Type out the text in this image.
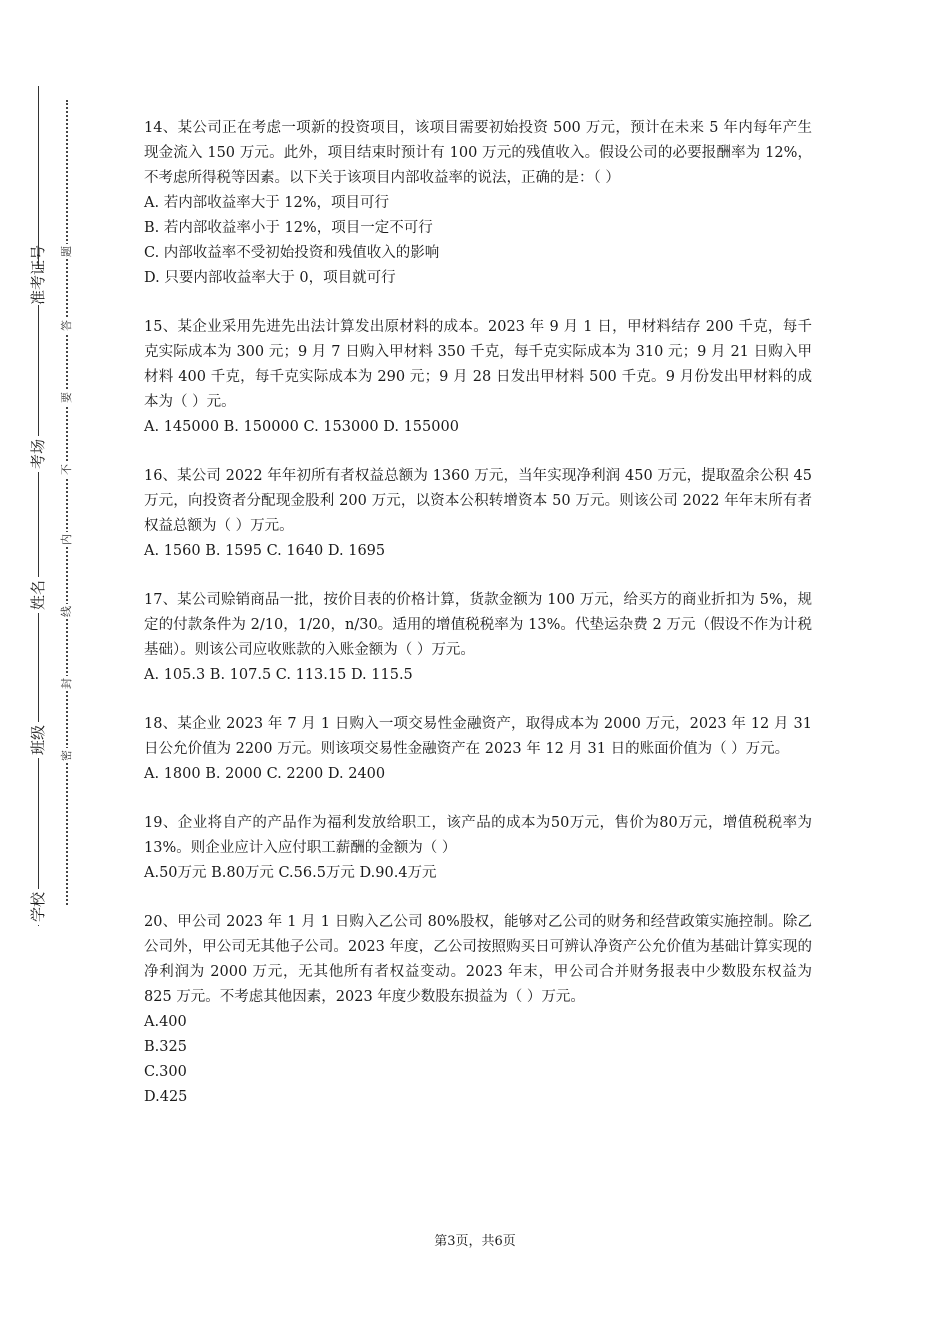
学校
班级
姓名
考场
准考证号 题
答
要
不
内
线
封
密

14、某公司正在考虑一项新的投资项目，该项目需要初始投资 500 万元，预计在未来 5 年内每年产生现金流入 150 万元。此外，项目结束时预计有 100 万元的残值收入。假设公司的必要报酬率为 12%，不考虑所得税等因素。以下关于该项目内部收益率的说法，正确的是：（ ）

A. 若内部收益率大于 12%，项目可行

B. 若内部收益率小于 12%，项目一定不可行

C. 内部收益率不受初始投资和残值收入的影响

D. 只要内部收益率大于 0，项目就可行

15、某企业采用先进先出法计算发出原材料的成本。2023 年 9 月 1 日，甲材料结存 200 千克，每千克实际成本为 300 元；9 月 7 日购入甲材料 350 千克，每千克实际成本为 310 元；9 月 21 日购入甲材料 400 千克，每千克实际成本为 290 元；9 月 28 日发出甲材料 500 千克。9 月份发出甲材料的成本为（ ）元。

A. 145000 B. 150000 C. 153000 D. 155000

16、某公司 2022 年年初所有者权益总额为 1360 万元，当年实现净利润 450 万元，提取盈余公积 45 万元，向投资者分配现金股利 200 万元，以资本公积转增资本 50 万元。则该公司 2022 年年末所有者权益总额为（ ）万元。

A. 1560 B. 1595 C. 1640 D. 1695

17、某公司赊销商品一批，按价目表的价格计算，货款金额为 100 万元，给买方的商业折扣为 5%，规定的付款条件为 2/10，1/20，n/30。适用的增值税税率为 13%。代垫运杂费 2 万元（假设不作为计税基础）。则该公司应收账款的入账金额为（ ）万元。

A. 105.3 B. 107.5 C. 113.15 D. 115.5

18、某企业 2023 年 7 月 1 日购入一项交易性金融资产，取得成本为 2000 万元，2023 年 12 月 31 日公允价值为 2200 万元。则该项交易性金融资产在 2023 年 12 月 31 日的账面价值为（ ）万元。

A. 1800 B. 2000 C. 2200 D. 2400

19、企业将自产的产品作为福利发放给职工，该产品的成本为50万元，售价为80万元，增值税税率为13%。则企业应计入应付职工薪酬的金额为（ ）

A.50万元 B.80万元 C.56.5万元 D.90.4万元

20、甲公司 2023 年 1 月 1 日购入乙公司 80%股权，能够对乙公司的财务和经营政策实施控制。除乙公司外，甲公司无其他子公司。2023 年度，乙公司按照购买日可辨认净资产公允价值为基础计算实现的净利润为 2000 万元，无其他所有者权益变动。2023 年末，甲公司合并财务报表中少数股东权益为 825 万元。不考虑其他因素，2023 年度少数股东损益为（ ）万元。

A.400

B.325

C.300

D.425

第3页，共6页
